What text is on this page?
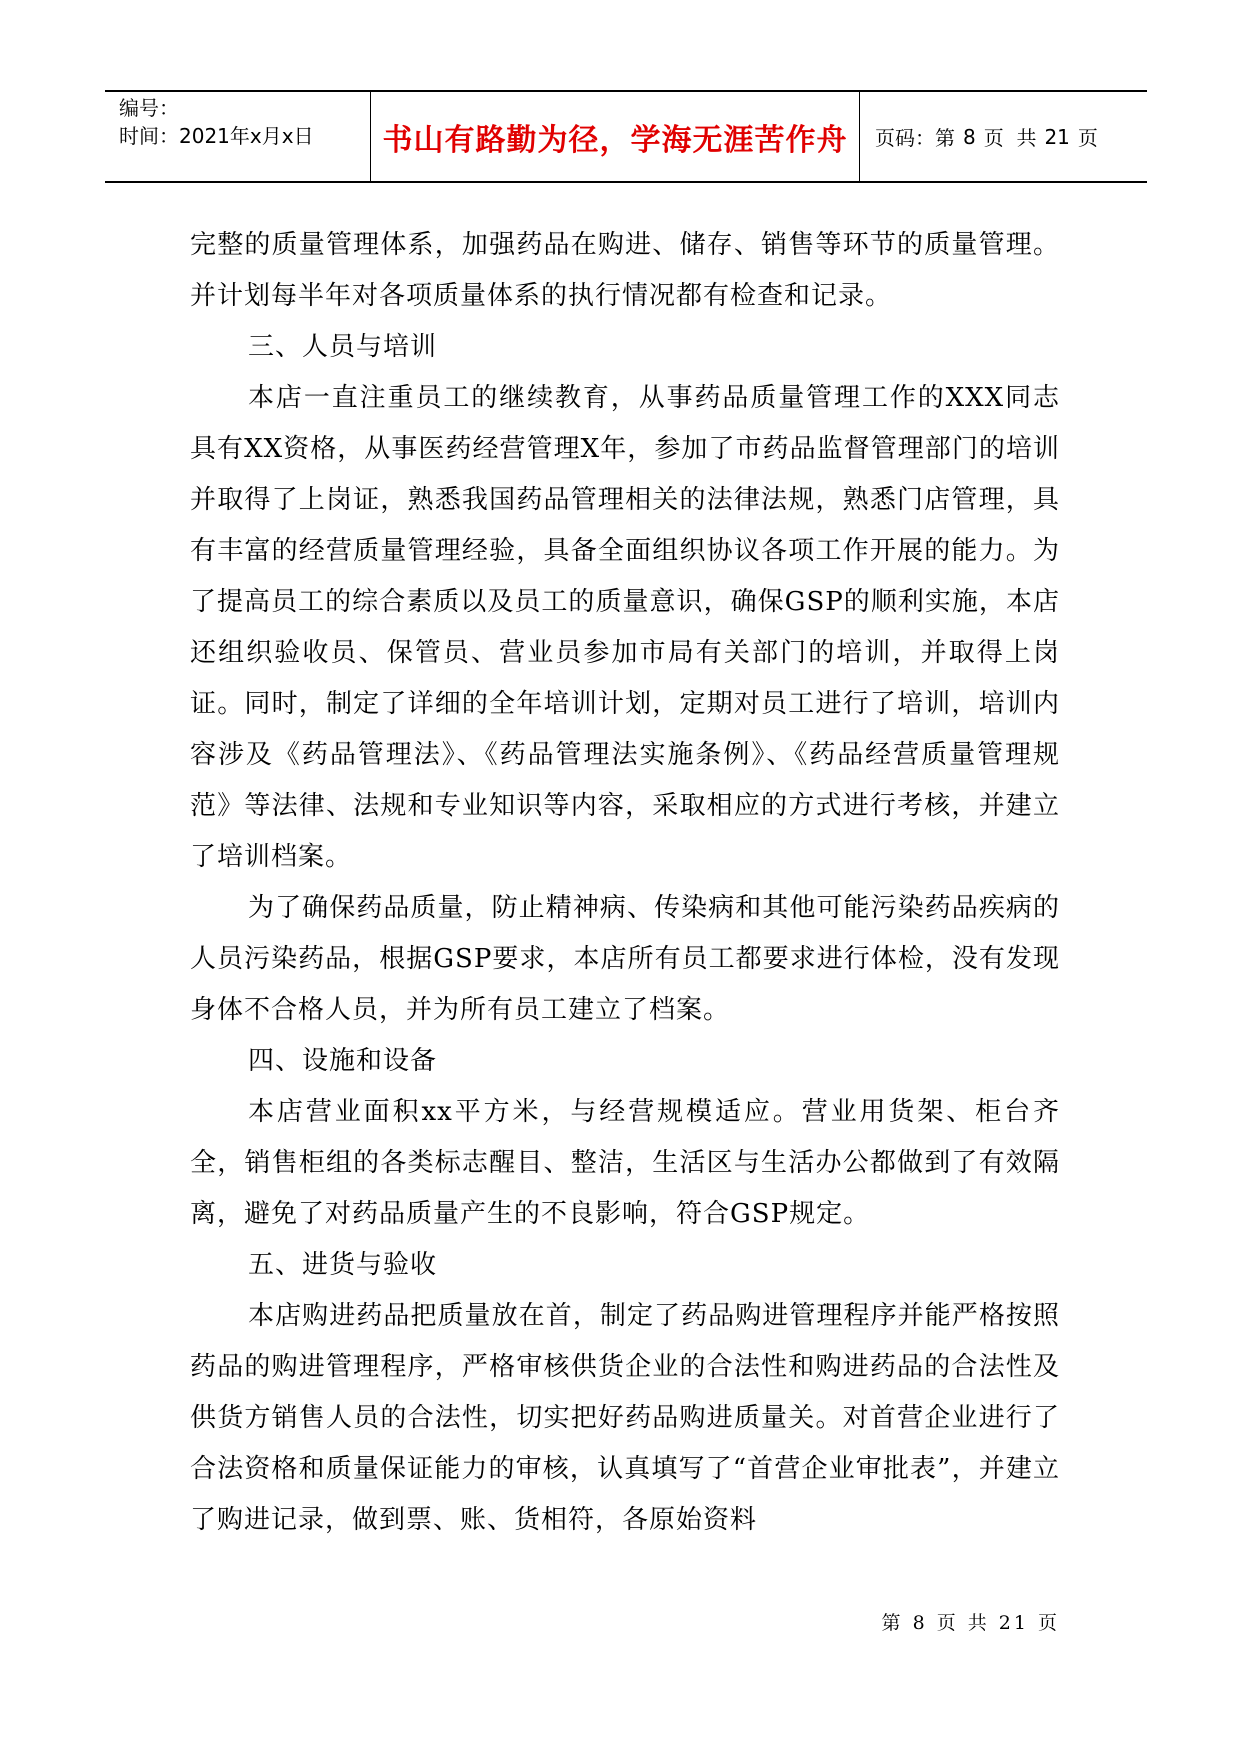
编号：
时间：2021年x月x日	书山有路勤为径，学海无涯苦作舟	页码：第 8 页  共 21 页

完整的质量管理体系，加强药品在购进、储存、销售等环节的质量管理。并计划每半年对各项质量体系的执行情况都有检查和记录。

三、人员与培训

本店一直注重员工的继续教育，从事药品质量管理工作的XXX同志具有XX资格，从事医药经营管理X年，参加了市药品监督管理部门的培训并取得了上岗证，熟悉我国药品管理相关的法律法规，熟悉门店管理，具有丰富的经营质量管理经验，具备全面组织协议各项工作开展的能力。为了提高员工的综合素质以及员工的质量意识，确保GSP的顺利实施，本店还组织验收员、保管员、营业员参加市局有关部门的培训，并取得上岗证。同时，制定了详细的全年培训计划，定期对员工进行了培训，培训内容涉及《药品管理法》、《药品管理法实施条例》、《药品经营质量管理规范》等法律、法规和专业知识等内容，采取相应的方式进行考核，并建立了培训档案。

为了确保药品质量，防止精神病、传染病和其他可能污染药品疾病的人员污染药品，根据GSP要求，本店所有员工都要求进行体检，没有发现身体不合格人员，并为所有员工建立了档案。

四、设施和设备

本店营业面积xx平方米，与经营规模适应。营业用货架、柜台齐全，销售柜组的各类标志醒目、整洁，生活区与生活办公都做到了有效隔离，避免了对药品质量产生的不良影响，符合GSP规定。

五、进货与验收

本店购进药品把质量放在首，制定了药品购进管理程序并能严格按照药品的购进管理程序，严格审核供货企业的合法性和购进药品的合法性及供货方销售人员的合法性，切实把好药品购进质量关。对首营企业进行了合法资格和质量保证能力的审核，认真填写了“首营企业审批表”，并建立了购进记录，做到票、账、货相符，各原始资料

第 8 页 共 21 页
